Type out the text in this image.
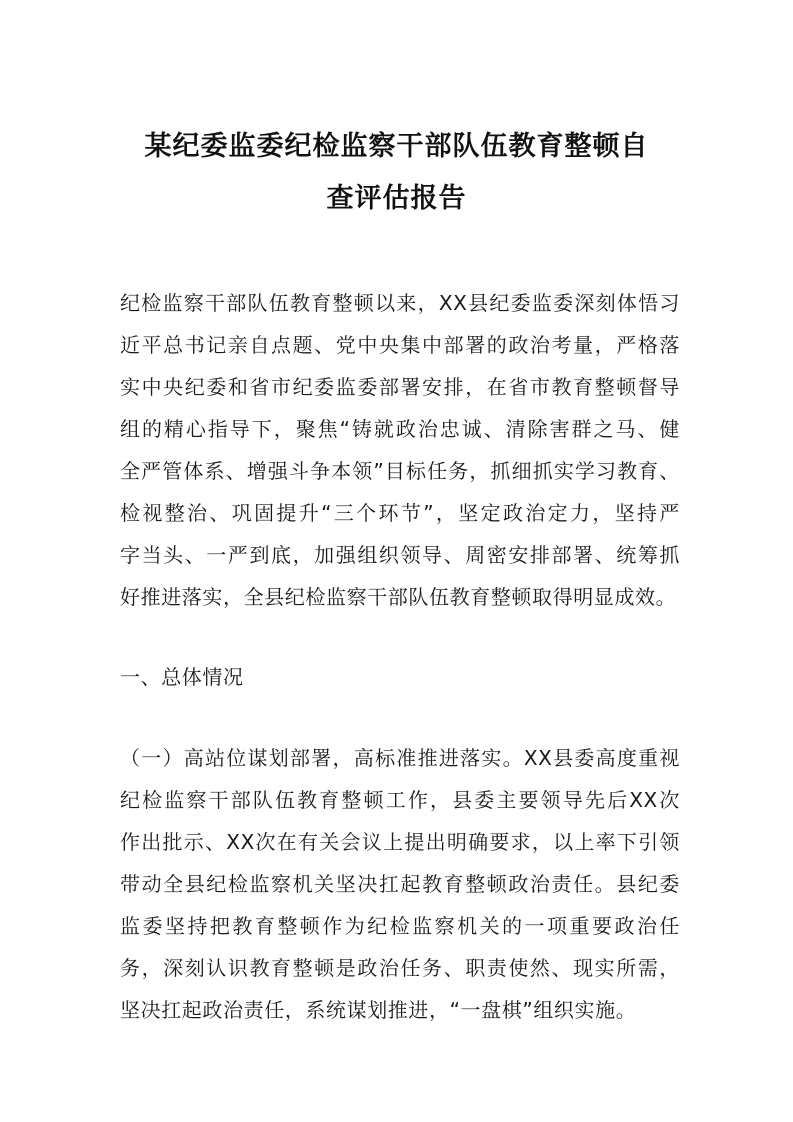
某纪委监委纪检监察干部队伍教育整顿自
查评估报告
纪检监察干部队伍教育整顿以来，XX县纪委监委深刻体悟习
近平总书记亲自点题、党中央集中部署的政治考量，严格落
实中央纪委和省市纪委监委部署安排，在省市教育整顿督导
组的精心指导下，聚焦“铸就政治忠诚、清除害群之马、健
全严管体系、增强斗争本领”目标任务，抓细抓实学习教育、
检视整治、巩固提升“三个环节”，坚定政治定力，坚持严
字当头、一严到底，加强组织领导、周密安排部署、统筹抓
好推进落实，全县纪检监察干部队伍教育整顿取得明显成效。
一、总体情况
（一）高站位谋划部署，高标准推进落实。XX县委高度重视
纪检监察干部队伍教育整顿工作，县委主要领导先后XX次
作出批示、XX次在有关会议上提出明确要求，以上率下引领
带动全县纪检监察机关坚决扛起教育整顿政治责任。县纪委
监委坚持把教育整顿作为纪检监察机关的一项重要政治任
务，深刻认识教育整顿是政治任务、职责使然、现实所需，
坚决扛起政治责任，系统谋划推进，“一盘棋”组织实施。
